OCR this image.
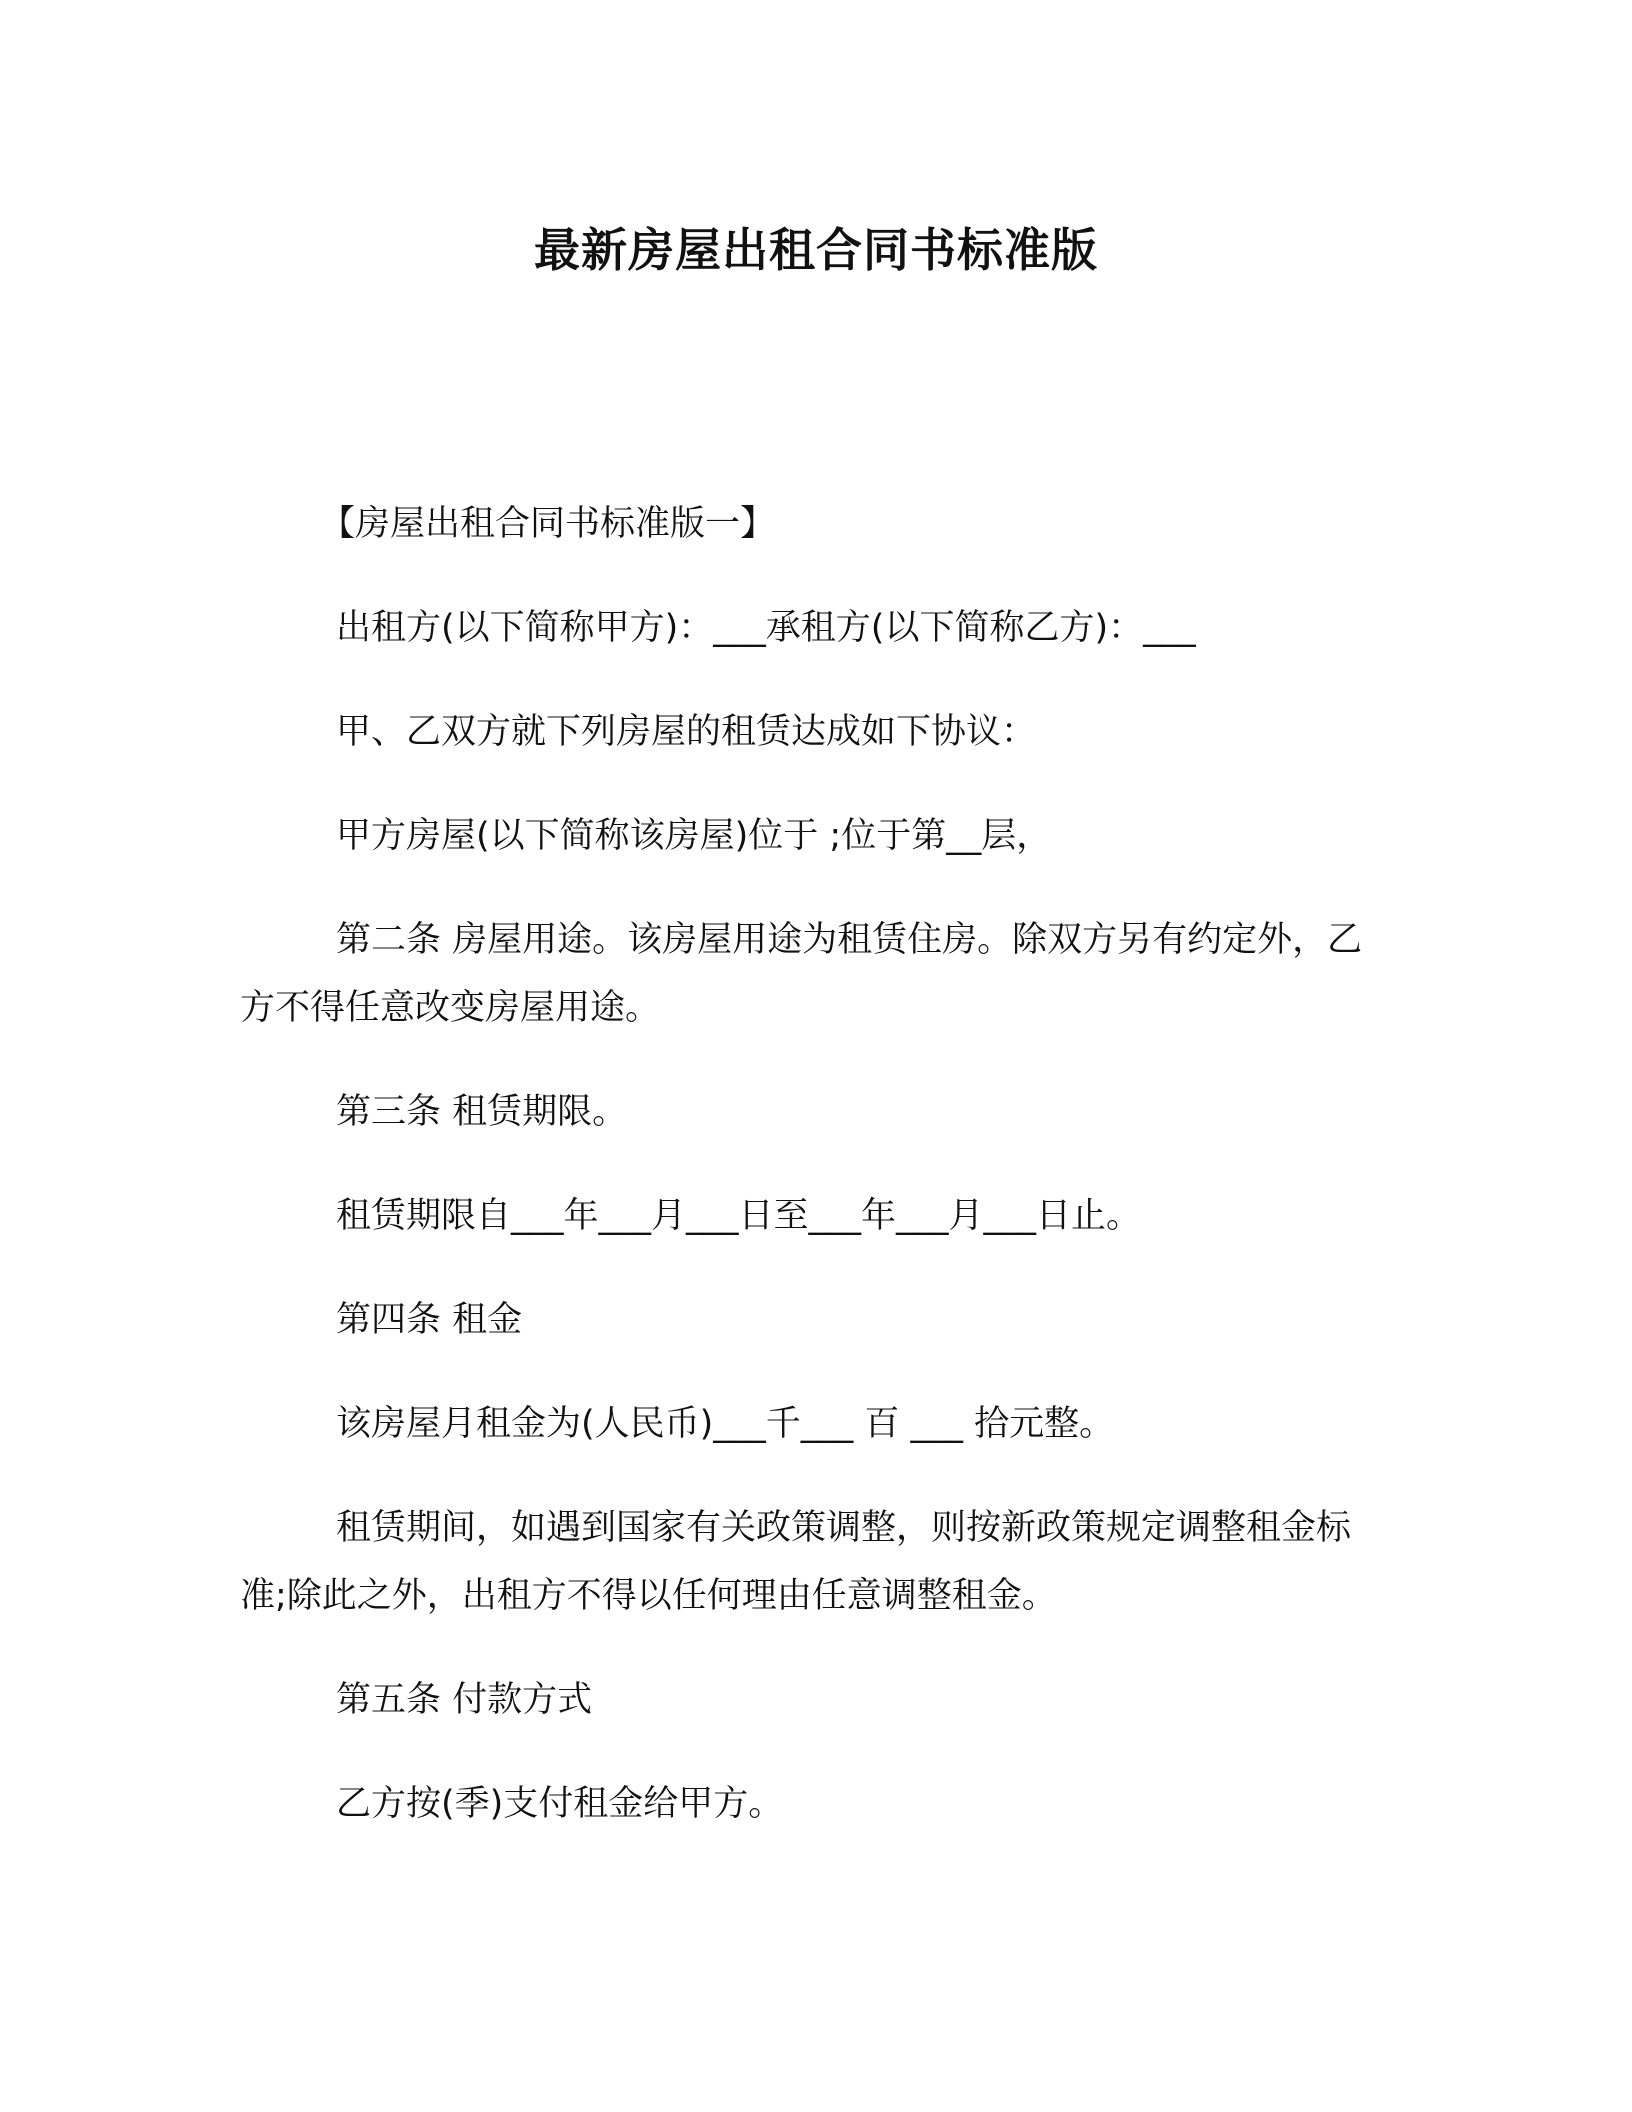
最新房屋出租合同书标准版

【房屋出租合同书标准版一】

出租方(以下简称甲方)：___承租方(以下简称乙方)：___

甲、乙双方就下列房屋的租赁达成如下协议：

甲方房屋(以下简称该房屋)位于 ;位于第__层，

第二条 房屋用途。该房屋用途为租赁住房。除双方另有约定外，乙方不得任意改变房屋用途。

第三条 租赁期限。

租赁期限自___年___月___日至___年___月___日止。

第四条 租金

该房屋月租金为(人民币)___千___ 百 ___ 拾元整。

租赁期间，如遇到国家有关政策调整，则按新政策规定调整租金标准;除此之外，出租方不得以任何理由任意调整租金。

第五条 付款方式

乙方按(季)支付租金给甲方。
